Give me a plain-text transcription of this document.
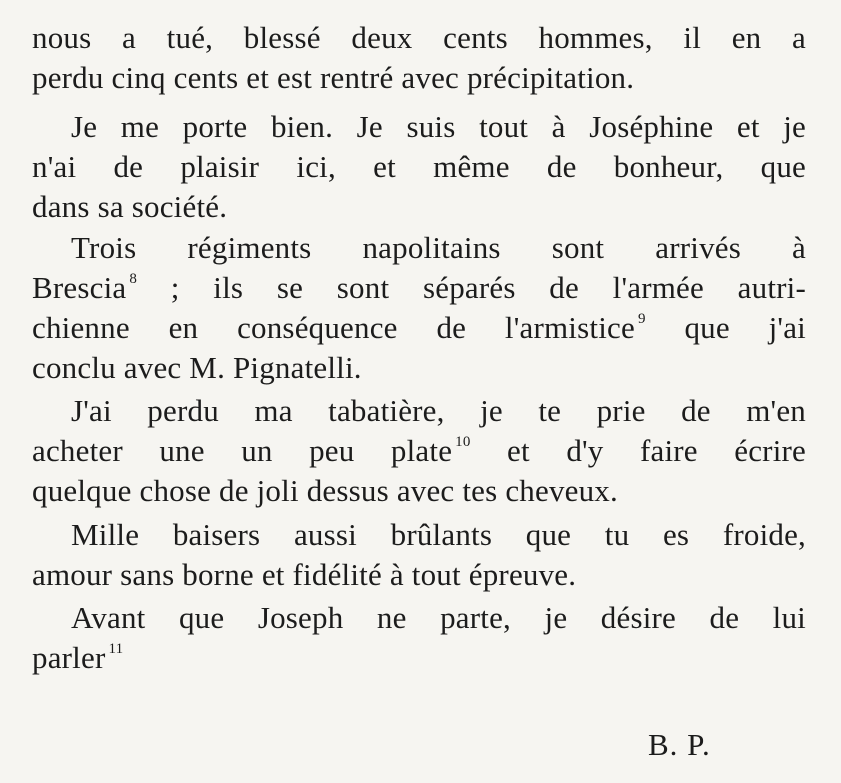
nous a tué, blessé deux cents hommes, il en a
perdu cinq cents et est rentré avec précipitation.
Je me porte bien. Je suis tout à Joséphine et je
n'ai de plaisir ici, et même de bonheur, que
dans sa société.
Trois régiments napolitains sont arrivés à
Brescia $^8$ ; ils se sont séparés de l'armée autri-
chienne en conséquence de l'armistice $^9$ que j'ai
conclu avec M. Pignatelli.
J'ai perdu ma tabatière, je te prie de m'en
acheter une un peu plate $^{10}$ et d'y faire écrire
quelque chose de joli dessus avec tes cheveux.
Mille baisers aussi brûlants que tu es froide,
amour sans borne et fidélité à tout épreuve.
Avant que Joseph ne parte, je désire de lui
parler $^{11}$
B. P.
